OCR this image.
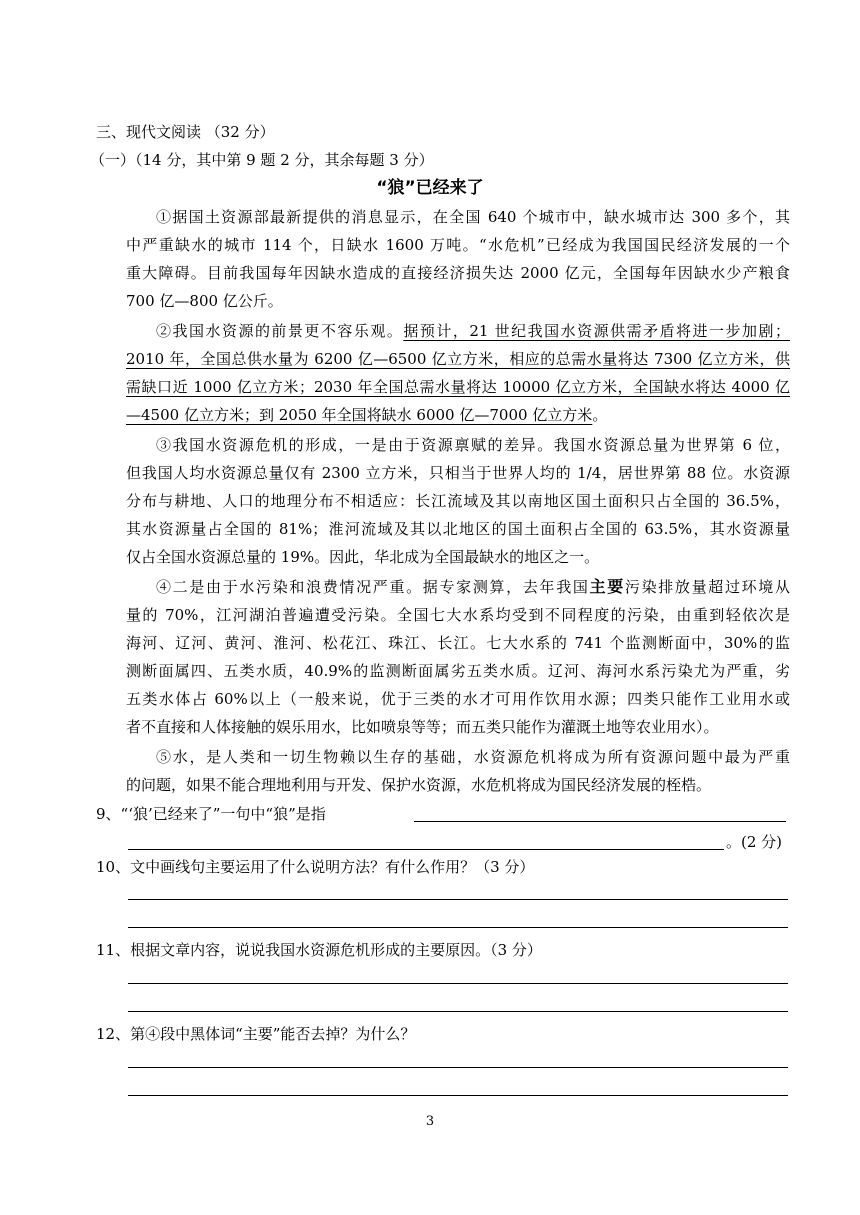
三、现代文阅读 （32 分）
（一）（14 分，其中第 9 题 2 分，其余每题 3 分）
“狼”已经来了
①据国土资源部最新提供的消息显示，在全国 640 个城市中，缺水城市达 300 多个，其
中严重缺水的城市 114 个，日缺水 1600 万吨。“水危机”已经成为我国国民经济发展的一个
重大障碍。目前我国每年因缺水造成的直接经济损失达 2000 亿元，全国每年因缺水少产粮食
700 亿—800 亿公斤。
②我国水资源的前景更不容乐观。据预计，21 世纪我国水资源供需矛盾将进一步加剧；
2010 年，全国总供水量为 6200 亿—6500 亿立方米，相应的总需水量将达 7300 亿立方米，供
需缺口近 1000 亿立方米；2030 年全国总需水量将达 10000 亿立方米，全国缺水将达 4000 亿
—4500 亿立方米；到 2050 年全国将缺水 6000 亿—7000 亿立方米。
③我国水资源危机的形成，一是由于资源禀赋的差异。我国水资源总量为世界第 6 位，
但我国人均水资源总量仅有 2300 立方米，只相当于世界人均的 1/4，居世界第 88 位。水资源
分布与耕地、人口的地理分布不相适应：长江流域及其以南地区国土面积只占全国的 36.5%，
其水资源量占全国的 81%；淮河流域及其以北地区的国土面积占全国的 63.5%，其水资源量
仅占全国水资源总量的 19%。因此，华北成为全国最缺水的地区之一。
④二是由于水污染和浪费情况严重。据专家测算，去年我国主要污染排放量超过环境从
量的 70%，江河湖泊普遍遭受污染。全国七大水系均受到不同程度的污染，由重到轻依次是
海河、辽河、黄河、淮河、松花江、珠江、长江。七大水系的 741 个监测断面中，30%的监
测断面属四、五类水质，40.9%的监测断面属劣五类水质。辽河、海河水系污染尤为严重，劣
五类水体占 60%以上（一般来说，优于三类的水才可用作饮用水源；四类只能作工业用水或
者不直接和人体接触的娱乐用水，比如喷泉等等；而五类只能作为灌溉土地等农业用水）。
⑤水，是人类和一切生物赖以生存的基础，水资源危机将成为所有资源问题中最为严重
的问题，如果不能合理地利用与开发、保护水资源，水危机将成为国民经济发展的桎梏。
9、“‘狼’已经来了”一句中“狼”是指
。(2 分)
10、文中画线句主要运用了什么说明方法？有什么作用？（3 分）
11、根据文章内容，说说我国水资源危机形成的主要原因。（3 分）
12、第④段中黑体词“主要”能否去掉？为什么？
3
